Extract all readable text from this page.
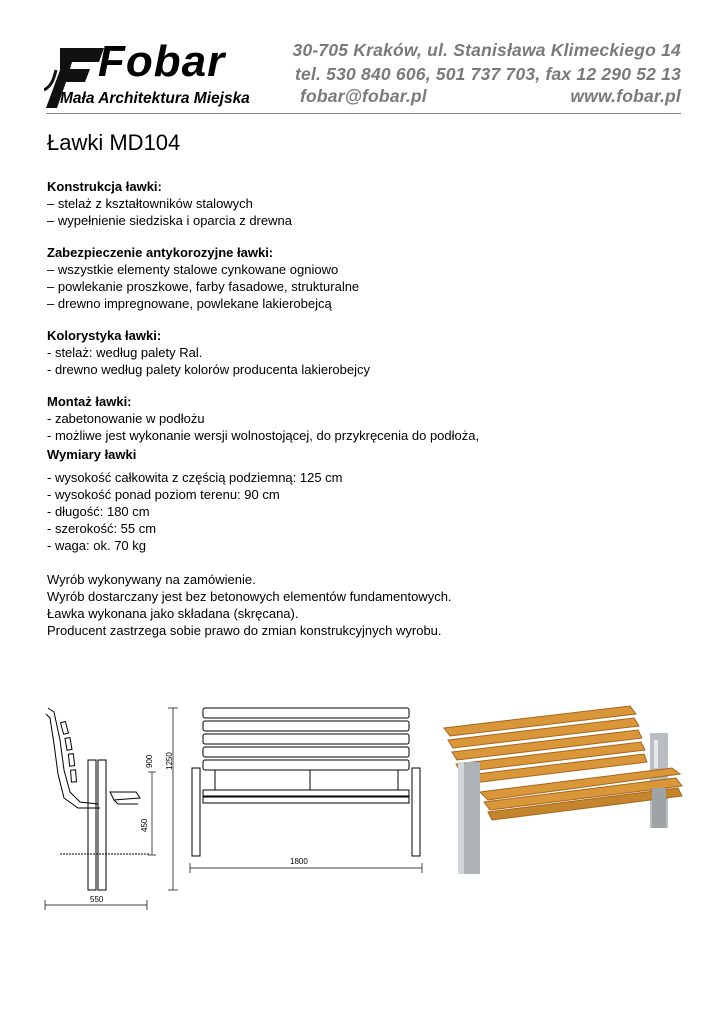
Fobar
Mała Architektura Miejska
30-705 Kraków, ul. Stanisława Klimeckiego 14
tel. 530 840 606, 501 737 703, fax 12 290 52 13
fobar@fobar.pl	www.fobar.pl
Ławki MD104

Konstrukcja ławki:

– stelaż z kształtowników stalowych

– wypełnienie siedziska i oparcia z drewna

Zabezpieczenie antykorozyjne ławki:

– wszystkie elementy stalowe cynkowane ogniowo

– powlekanie proszkowe, farby fasadowe, strukturalne

– drewno impregnowane, powlekane lakierobejcą

Kolorystyka ławki:

- stelaż: według palety Ral.

- drewno według palety kolorów producenta lakierobejcy

Montaż ławki:

- zabetonowanie w podłożu

- możliwe jest wykonanie wersji wolnostojącej, do przykręcenia do podłoża,

Wymiary ławki

- wysokość całkowita z częścią podziemną: 125 cm

- wysokość ponad poziom terenu: 90 cm

- długość: 180 cm

- szerokość: 55 cm

- waga: ok. 70 kg

Wyrób wykonywany na zamówienie.

Wyrób dostarczany jest bez betonowych elementów fundamentowych.

Ławka wykonana jako składana (skręcana).

Producent zastrzega sobie prawo do zmian konstrukcyjnych wyrobu.

900 1250
450
550
1800
